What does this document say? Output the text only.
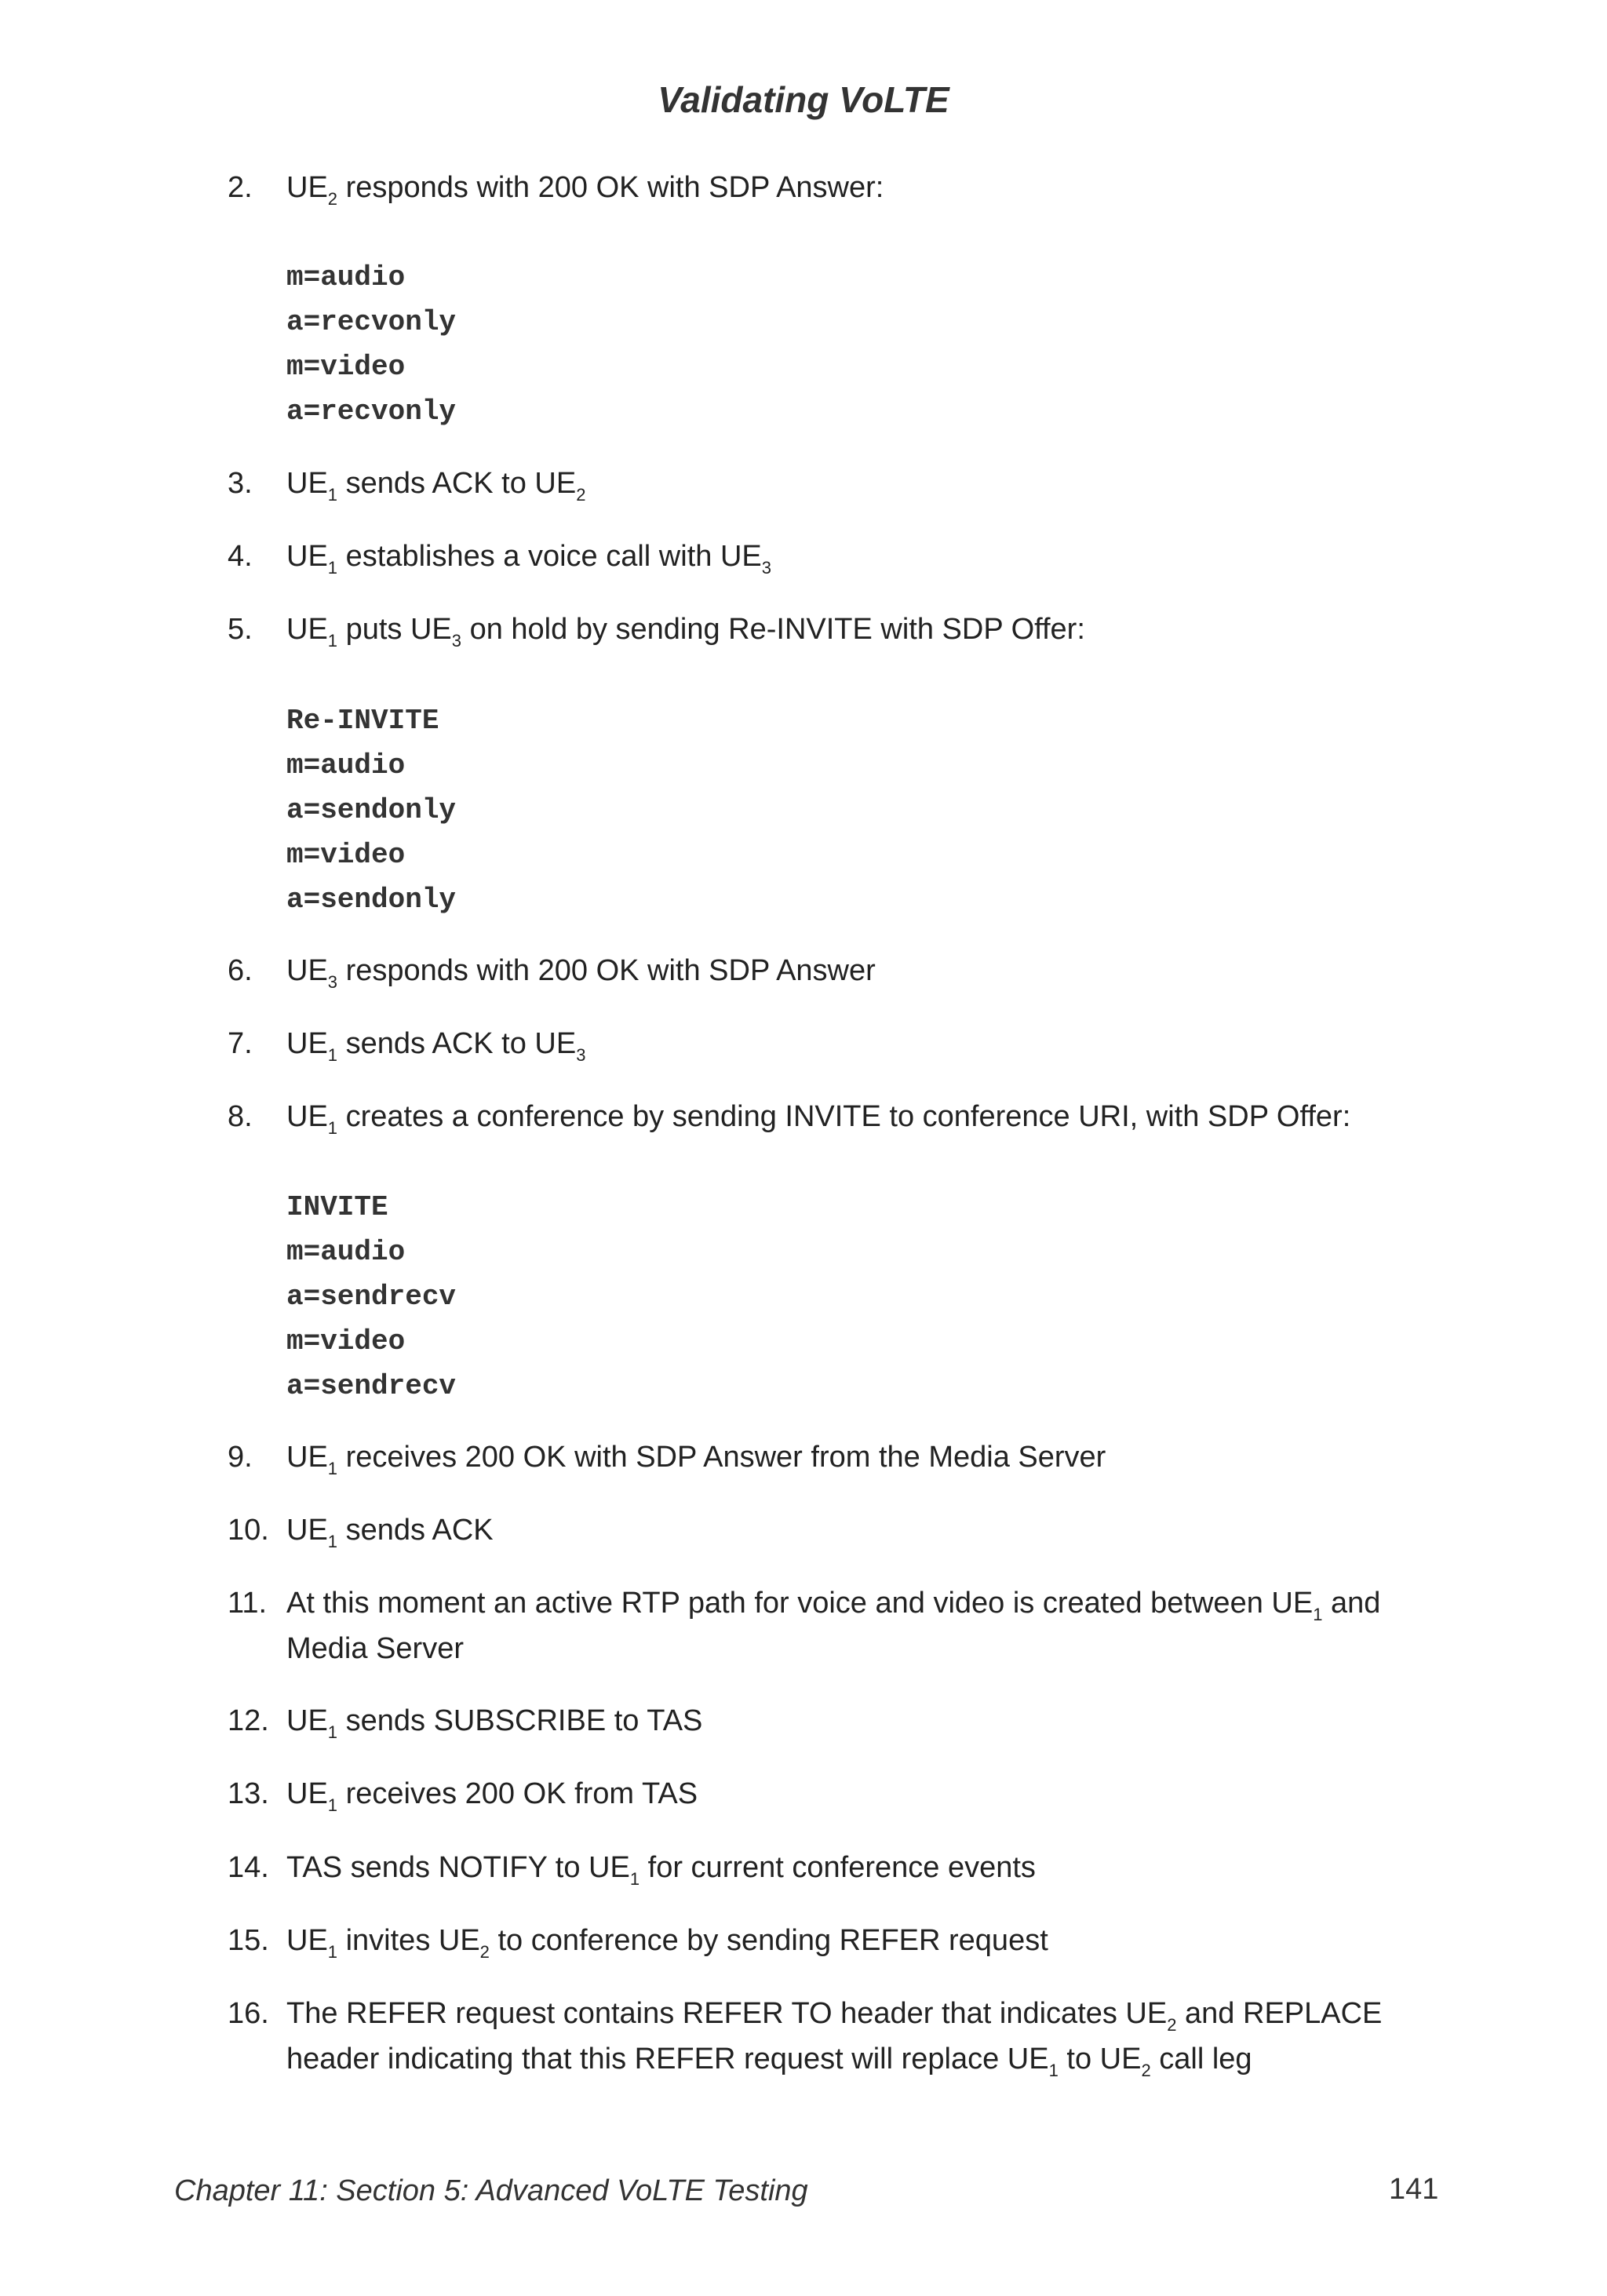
Validating VoLTE
2.	$UE_2$ responds with 200 OK with SDP Answer:
m=audio
a=recvonly
m=video
a=recvonly
3.	$UE_1$ sends ACK to $UE_2$
4.	$UE_1$ establishes a voice call with $UE_3$
5.	$UE_1$ puts $UE_3$ on hold by sending Re-INVITE with SDP Offer:
Re-INVITE
m=audio
a=sendonly
m=video
a=sendonly
6.	$UE_3$ responds with 200 OK with SDP Answer
7.	$UE_1$ sends ACK to $UE_3$
8.	$UE_1$ creates a conference by sending INVITE to conference URI, with SDP Offer:
INVITE
m=audio
a=sendrecv
m=video
a=sendrecv
9.	$UE_1$ receives 200 OK with SDP Answer from the Media Server
10. $UE_1$ sends ACK
11. At this moment an active RTP path for voice and video is created between $UE_1$ and Media Server
12. $UE_1$ sends SUBSCRIBE to TAS
13. $UE_1$ receives 200 OK from TAS
14. TAS sends NOTIFY to $UE_1$ for current conference events
15. $UE_1$ invites $UE_2$ to conference by sending REFER request
16. The REFER request contains REFER TO header that indicates $UE_2$ and REPLACE header indicating that this REFER request will replace $UE_1$ to $UE_2$ call leg
Chapter 11: Section 5: Advanced VoLTE Testing	141
